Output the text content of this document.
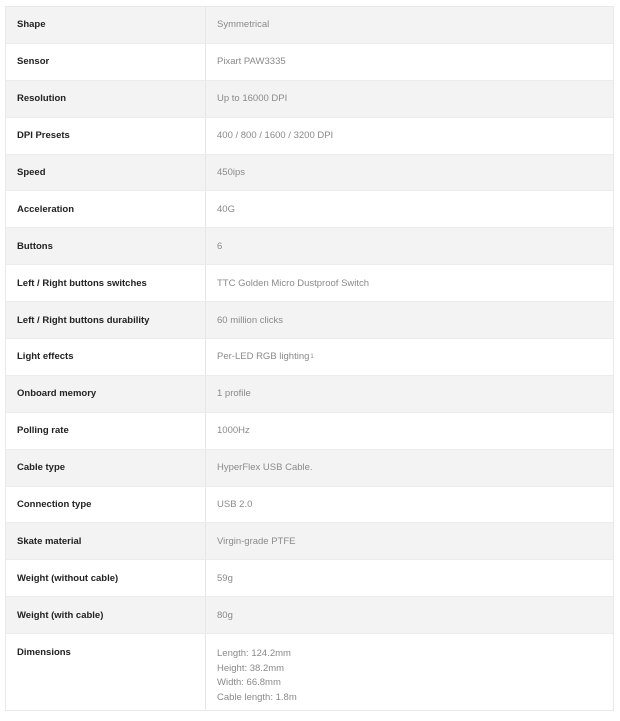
Shape	Symmetrical
Sensor	Pixart PAW3335
Resolution	Up to 16000 DPI
DPI Presets	400 / 800 / 1600 / 3200 DPI
Speed	450ips
Acceleration	40G
Buttons	6
Left / Right buttons switches	TTC Golden Micro Dustproof Switch
Left / Right buttons durability	60 million clicks
Light effects	Per-LED RGB lighting 1
Onboard memory	1 profile
Polling rate	1000Hz
Cable type	HyperFlex USB Cable.
Connection type	USB 2.0
Skate material	Virgin-grade PTFE
Weight (without cable)	59g
Weight (with cable)	80g
Dimensions	Length: 124.2mm
Height: 38.2mm
Width: 66.8mm
Cable length: 1.8m
